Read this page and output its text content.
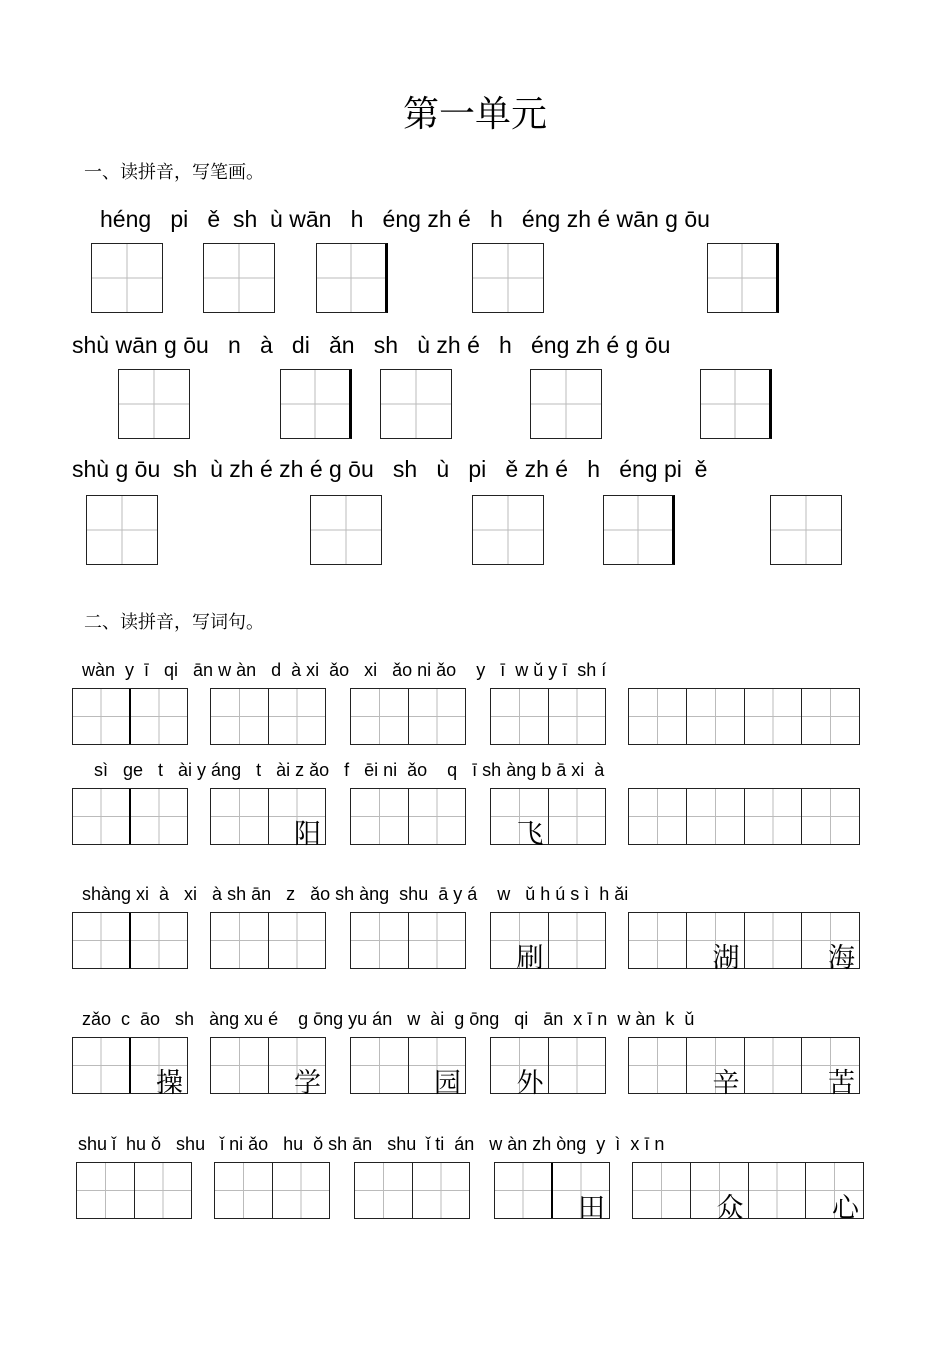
第一单元
一、读拼音，写笔画。
héng   pi   ě  sh  ù wān   h   éng zh é   h   éng zh é wān g ōu
shù wān g ōu   n   à   di   ǎn   sh   ù zh é   h   éng zh é g ōu
shù g ōu  sh  ù zh é zh é g ōu   sh   ù   pi   ě zh é   h   éng pi  ě
二、读拼音，写词句。
wàn  y  ī   qi   ān w àn   d  à xi  ǎo   xi   ǎo ni ǎo    y   ī  w ǔ y ī  sh í
sì   ge   t   ài y áng   t   ài z ǎo   f   ēi ni  ǎo    q   ī sh àng b ā xi  à
阳	飞
shàng xi  à   xi   à sh ān   z   ǎo sh àng  shu  ā y á    w   ǔ h ú s ì  h ǎi
刷	湖	海
zǎo  c  āo   sh   àng xu é    g ōng yu án   w  ài  g ōng   qi   ān  x ī n  w àn  k  ǔ
操	学	园 外	辛	苦
shu ǐ  hu ǒ   shu   ǐ ni ǎo   hu  ǒ sh ān   shu  ǐ ti  án   w àn zh òng  y  ì  x ī n
田	众	心
